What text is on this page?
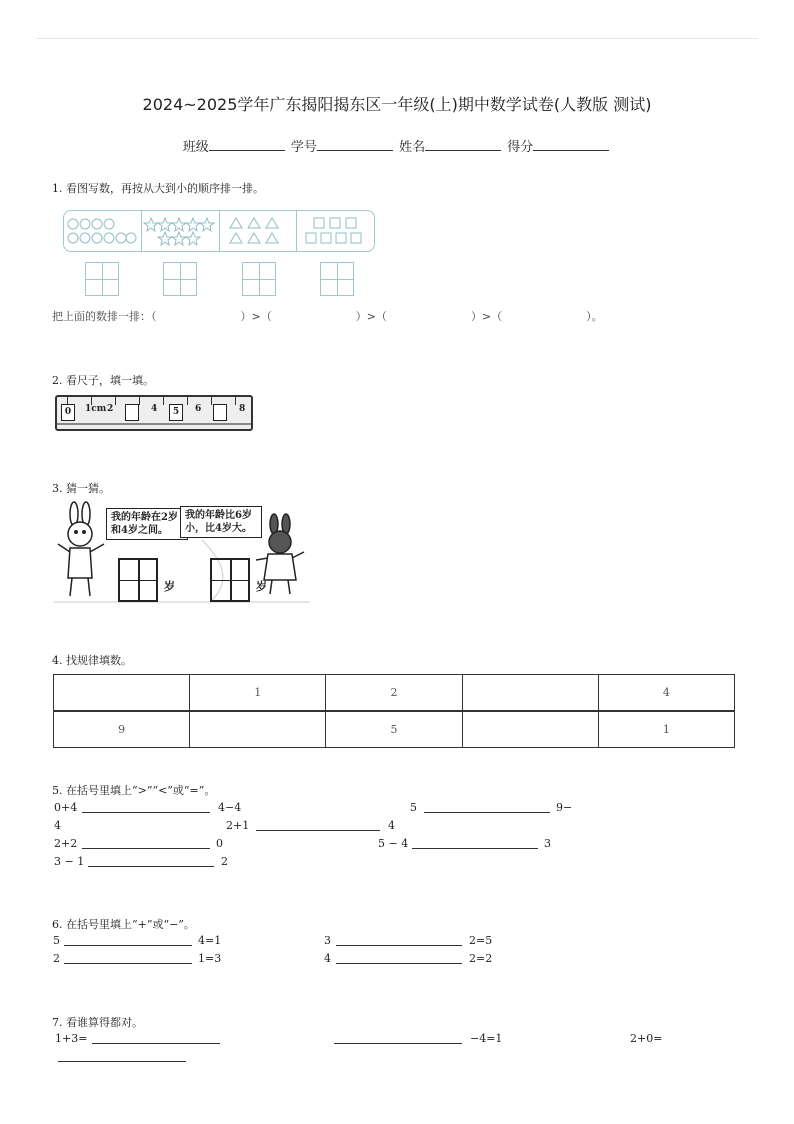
2024~2025学年广东揭阳揭东区一年级(上)期中数学试卷(人教版 测试)
班级	学号	姓名	得分
1. 看图写数，再按从大到小的顺序排一排。
把上面的数排一排：（	）>（	）>（	）>（	）。
2. 看尺子，填一填。
0	1cm 2	4	5	6	8
3. 猜一猜。
我的年龄在2岁
和4岁之间。
我的年龄比6岁
小，比4岁大。
岁	岁
4. 找规律填数。
	1	2		4
9		5		1
5. 在括号里填上“>”“<”或“=”。
0+4	4−4	5	9−
4	2+1	4
2+2	0	5 − 4	3
3 − 1	2
6. 在括号里填上“+”或“−”。
5	4=1	3	2=5
2	1=3	4	2=2
7. 看谁算得都对。
1+3=	−4=1	2+0=
